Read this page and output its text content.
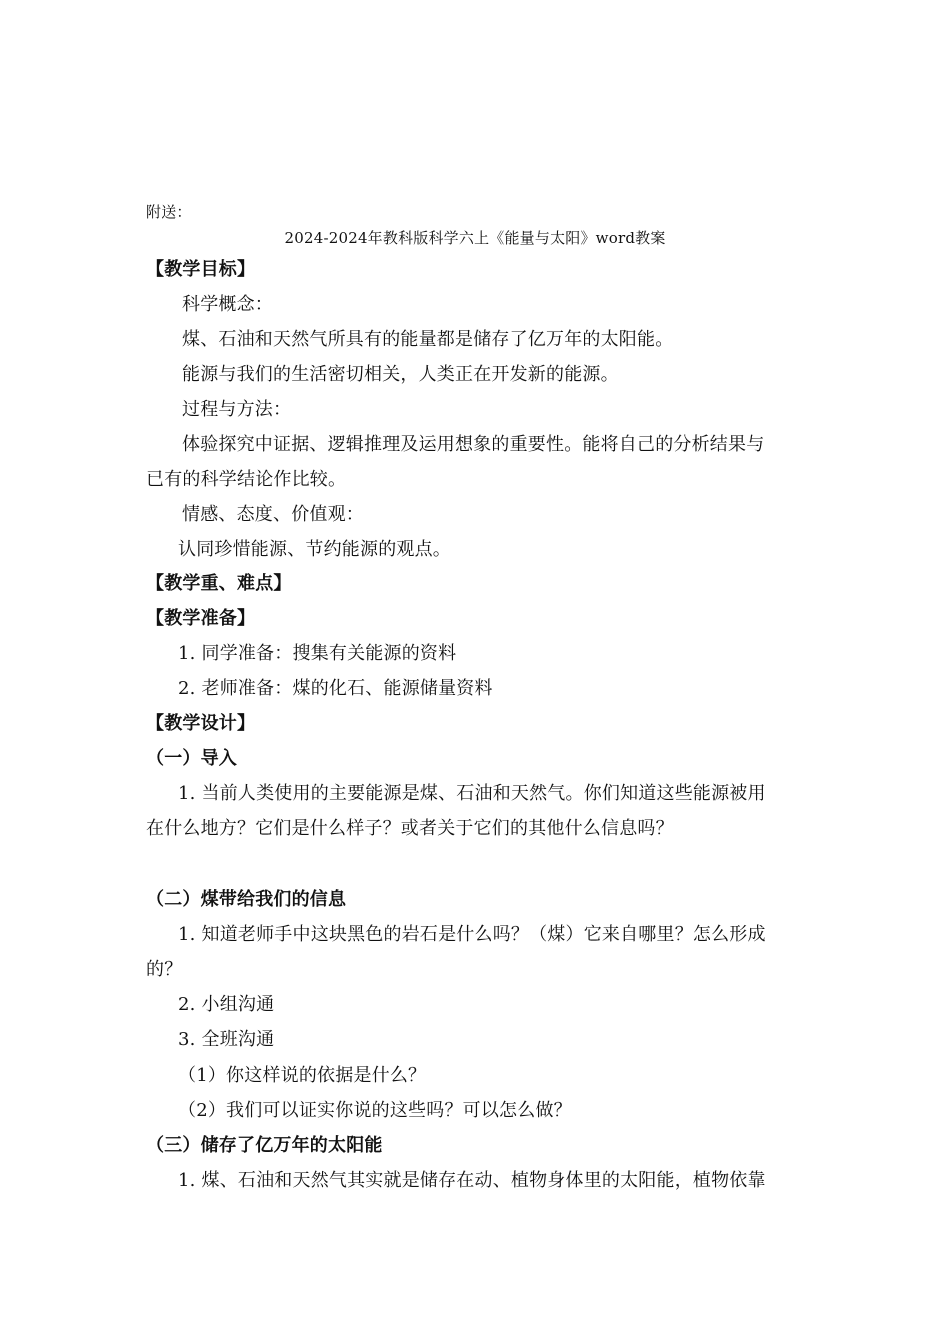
附送：
2024-2024年教科版科学六上《能量与太阳》word教案
【教学目标】
科学概念：
煤、石油和天然气所具有的能量都是储存了亿万年的太阳能。
能源与我们的生活密切相关，人类正在开发新的能源。
过程与方法：
体验探究中证据、逻辑推理及运用想象的重要性。能将自己的分析结果与
已有的科学结论作比较。
情感、态度、价值观：
认同珍惜能源、节约能源的观点。
【教学重、难点】
【教学准备】
1. 同学准备：搜集有关能源的资料
2. 老师准备：煤的化石、能源储量资料
【教学设计】
（一）导入
1. 当前人类使用的主要能源是煤、石油和天然气。你们知道这些能源被用
在什么地方？它们是什么样子？或者关于它们的其他什么信息吗？
（二）煤带给我们的信息
1. 知道老师手中这块黑色的岩石是什么吗？（煤）它来自哪里？怎么形成
的？
2. 小组沟通
3. 全班沟通
（1）你这样说的依据是什么？
（2）我们可以证实你说的这些吗？可以怎么做？
（三）储存了亿万年的太阳能
1. 煤、石油和天然气其实就是储存在动、植物身体里的太阳能，植物依靠
